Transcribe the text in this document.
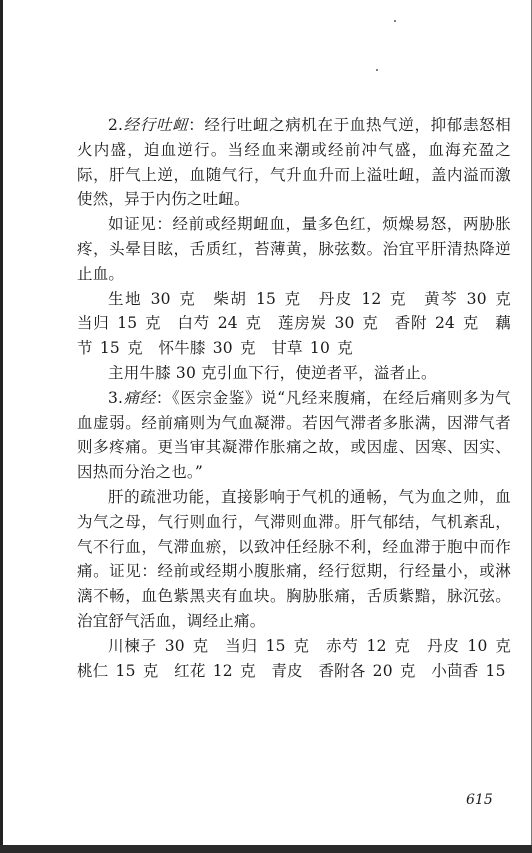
2.经行吐衄：经行吐衄之病机在于血热气逆，抑郁恚怒相火内盛，迫血逆行。当经血来潮或经前冲气盛，血海充盈之际，肝气上逆，血随气行，气升血升而上溢吐衄，盖内溢而激使然，异于内伤之吐衄。

如证见：经前或经期衄血，量多色红，烦燥易怒，两胁胀疼，头晕目眩，舌质红，苔薄黄，脉弦数。治宜平肝清热降逆止血。

生地 30 克　柴胡 15 克　丹皮 12 克　黄芩 30 克　当归 15 克　白芍 24 克　莲房炭 30 克　香附 24 克　藕节 15 克　怀牛膝 30 克　甘草 10 克

主用牛膝 30 克引血下行，使逆者平，溢者止。

3.痛经：《医宗金鉴》说“凡经来腹痛，在经后痛则多为气血虚弱。经前痛则为气血凝滞。若因气滞者多胀满，因滞气者则多疼痛。更当审其凝滞作胀痛之故，或因虚、因寒、因实、因热而分治之也。”

肝的疏泄功能，直接影响于气机的通畅，气为血之帅，血为气之母，气行则血行，气滞则血滞。肝气郁结，气机紊乱，气不行血，气滞血瘀，以致冲任经脉不利，经血滞于胞中而作痛。证见：经前或经期小腹胀痛，经行愆期，行经量小，或淋漓不畅，血色紫黑夹有血块。胸胁胀痛，舌质紫黯，脉沉弦。治宜舒气活血，调经止痛。

川楝子 30 克　当归 15 克　赤芍 12 克　丹皮 10 克　桃仁 15 克　红花 12 克　青皮　香附各 20 克　小茴香 15

615
